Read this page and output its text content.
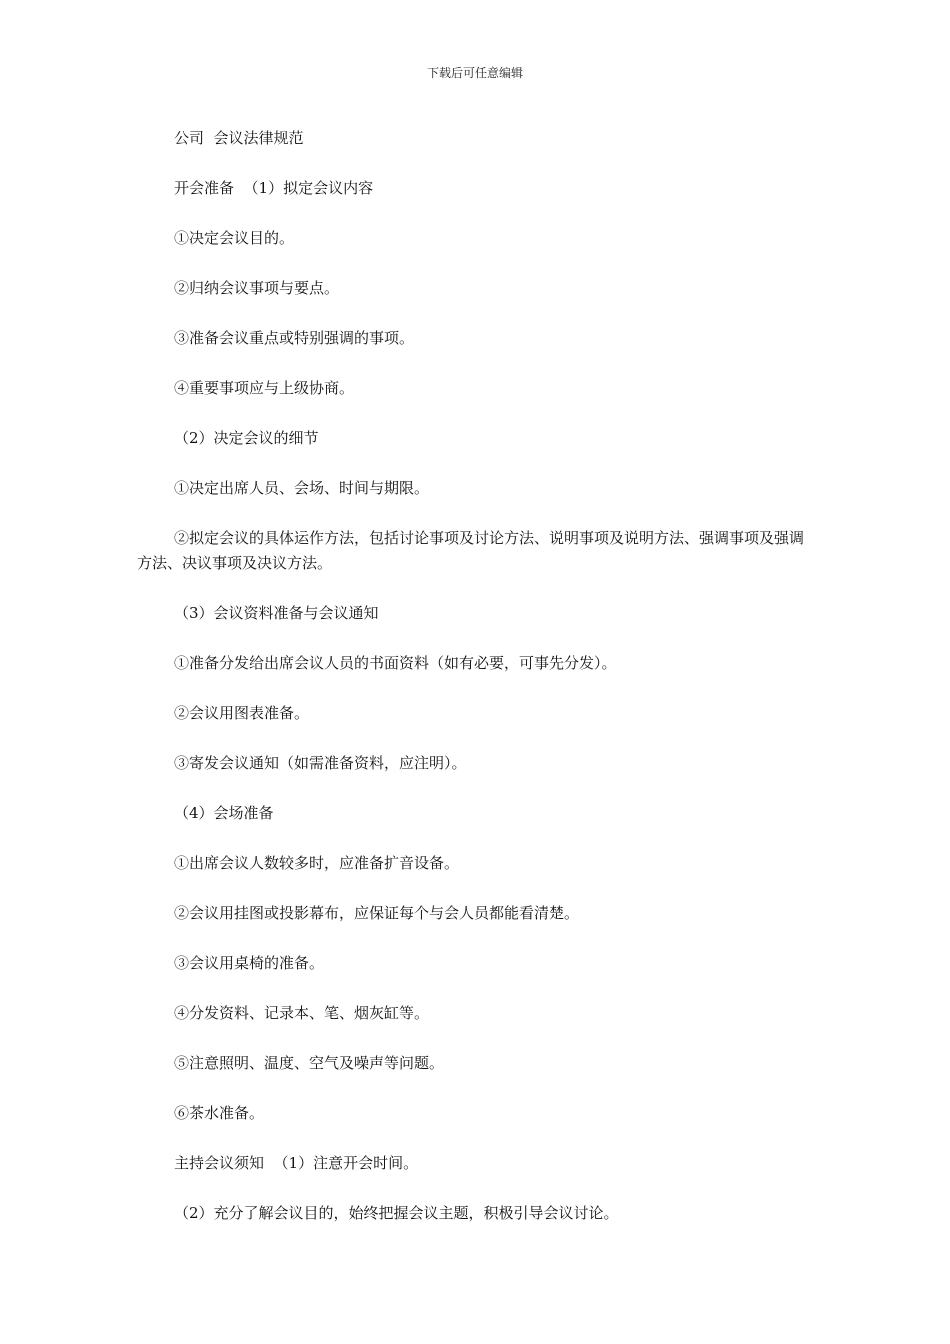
下载后可任意编辑

公司  会议法律规范

开会准备  （1）拟定会议内容

①决定会议目的。

②归纳会议事项与要点。

③准备会议重点或特别强调的事项。

④重要事项应与上级协商。

（2）决定会议的细节

①决定出席人员、会场、时间与期限。

②拟定会议的具体运作方法，包括讨论事项及讨论方法、说明事项及说明方法、强调事项及强调方法、决议事项及决议方法。

（3）会议资料准备与会议通知

①准备分发给出席会议人员的书面资料（如有必要，可事先分发）。

②会议用图表准备。

③寄发会议通知（如需准备资料，应注明）。

（4）会场准备

①出席会议人数较多时，应准备扩音设备。

②会议用挂图或投影幕布，应保证每个与会人员都能看清楚。

③会议用桌椅的准备。

④分发资料、记录本、笔、烟灰缸等。

⑤注意照明、温度、空气及噪声等问题。

⑥茶水准备。

主持会议须知  （1）注意开会时间。

（2）充分了解会议目的，始终把握会议主题，积极引导会议讨论。
